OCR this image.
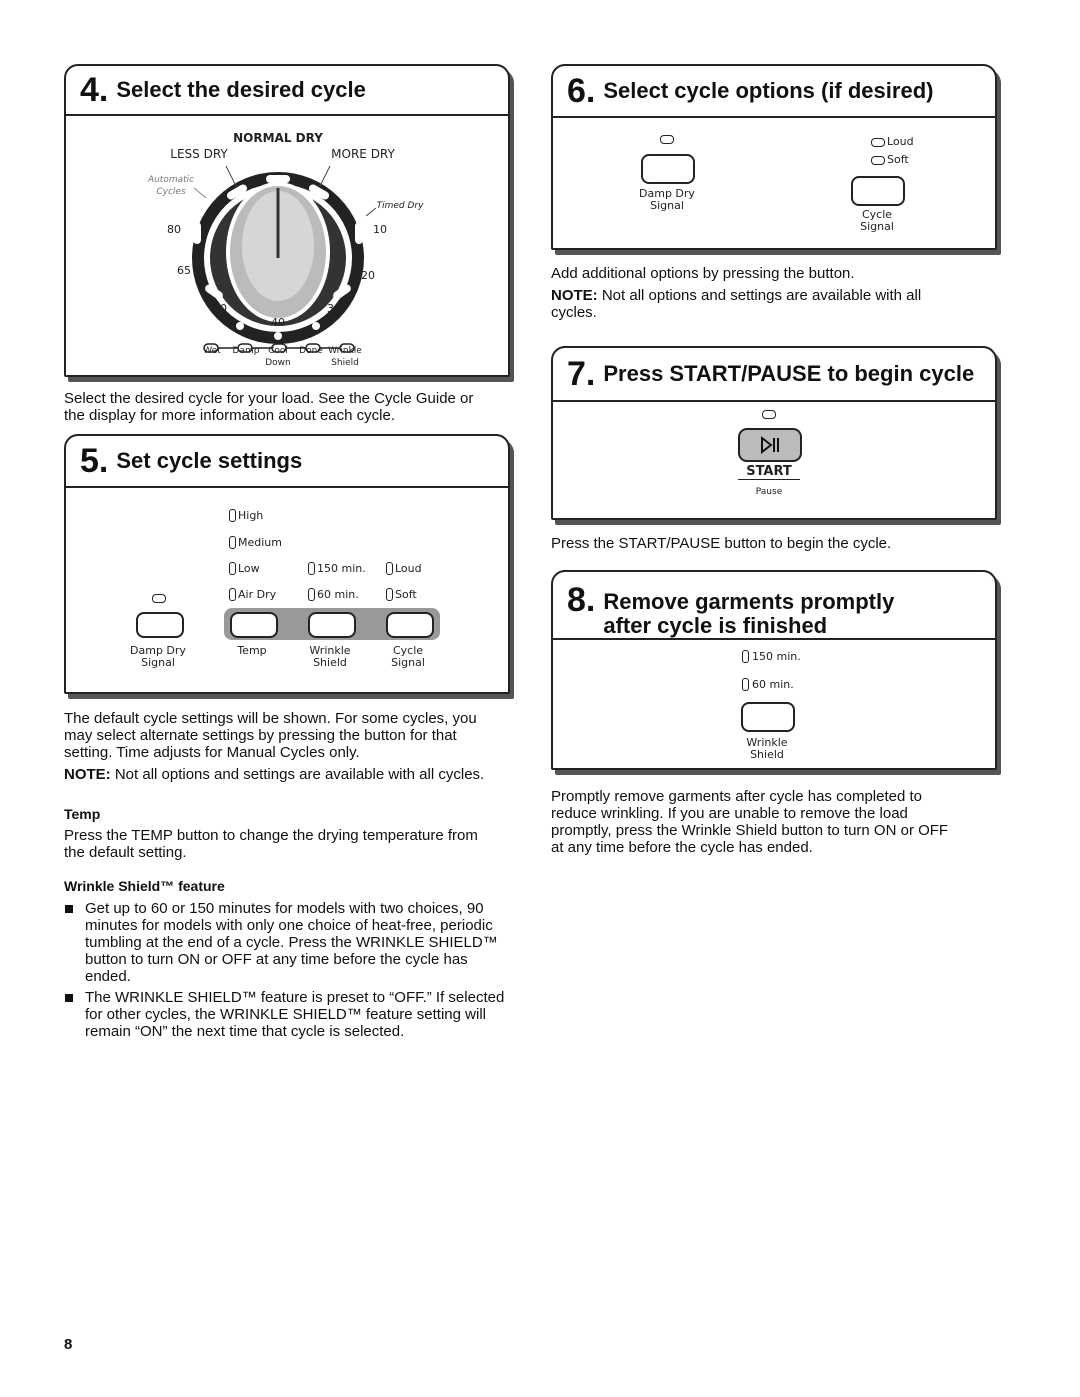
4. Select the desired cycle
NORMAL DRY
LESS DRY	MORE DRY
Automatic Cycles
Timed Dry
80
65
50
40
30
20
10
Wet	Damp Cool Down
Done Wrinkle Shield
Select the desired cycle for your load. See the Cycle Guide or the display for more information about each cycle.
5. Set cycle settings
High
Medium
Low
Air Dry
150 min.
60 min.
Loud
Soft
Damp Dry Signal
Temp	Wrinkle Shield
Cycle Signal
The default cycle settings will be shown. For some cycles, you may select alternate settings by pressing the button for that setting. Time adjusts for Manual Cycles only.
NOTE: Not all options and settings are available with all cycles.
Temp
Press the TEMP button to change the drying temperature from the default setting.
Wrinkle Shield™ feature
Get up to 60 or 150 minutes for models with two choices, 90 minutes for models with only one choice of heat-free, periodic tumbling at the end of a cycle. Press the WRINKLE SHIELD™ button to turn ON or OFF at any time before the cycle has ended.
The WRINKLE SHIELD™ feature is preset to “OFF.” If selected for other cycles, the WRINKLE SHIELD™ feature setting will remain “ON” the next time that cycle is selected.
6. Select cycle options (if desired)
Damp Dry Signal
Loud
Soft
Cycle Signal
Add additional options by pressing the button.
NOTE: Not all options and settings are available with all cycles.
7. Press START/PAUSE to begin cycle
START
Pause
Press the START/PAUSE button to begin the cycle.
8. Remove garments promptly
after cycle is finished
150 min.
60 min.
Wrinkle Shield
Promptly remove garments after cycle has completed to reduce wrinkling. If you are unable to remove the load promptly, press the Wrinkle Shield button to turn ON or OFF at any time before the cycle has ended.
8
